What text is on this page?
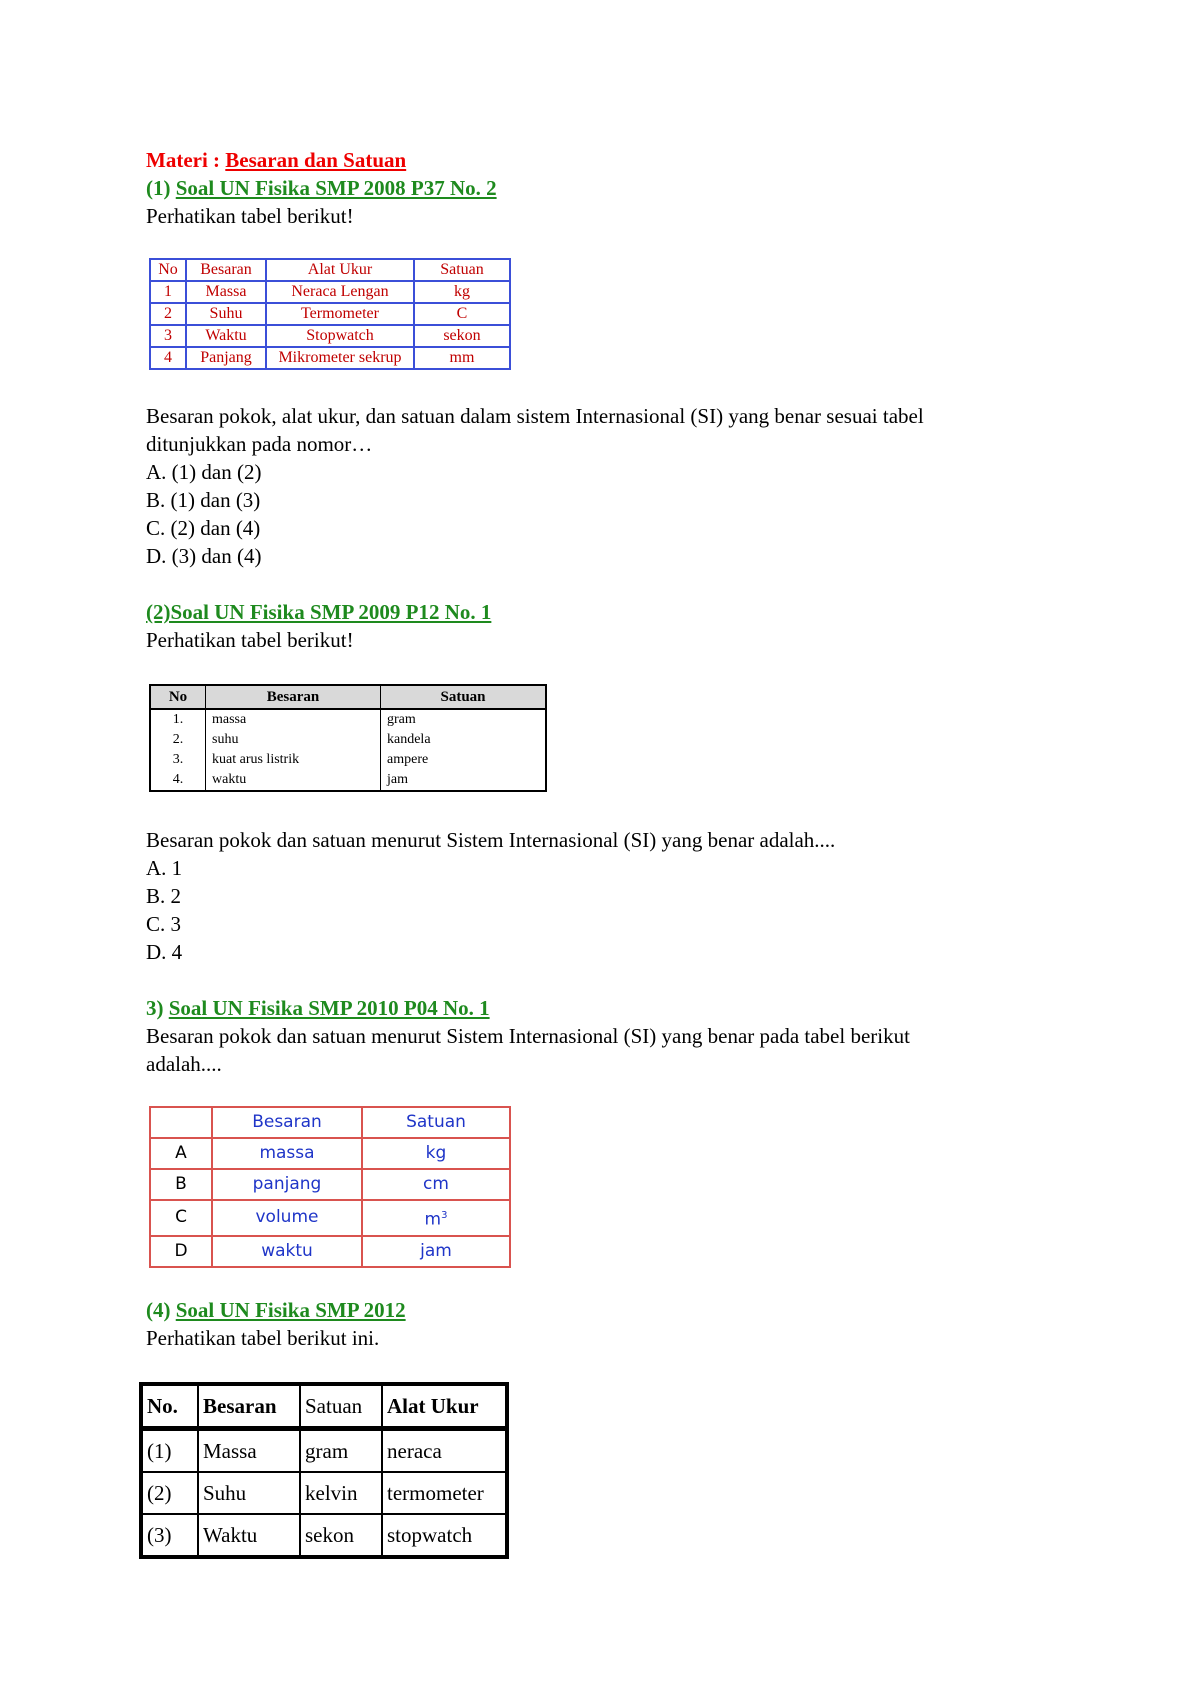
Materi : Besaran dan Satuan
(1) Soal UN Fisika SMP 2008 P37 No. 2
Perhatikan tabel berikut!
No	Besaran	Alat Ukur	Satuan
1	Massa	Neraca Lengan	kg
2	Suhu	Termometer	C
3	Waktu	Stopwatch	sekon
4	Panjang	Mikrometer sekrup	mm
Besaran pokok, alat ukur, dan satuan dalam sistem Internasional (SI) yang benar sesuai tabel
ditunjukkan pada nomor…
A. (1) dan (2)
B. (1) dan (3)
C. (2) dan (4)
D. (3) dan (4)
(2)Soal UN Fisika SMP 2009 P12 No. 1
Perhatikan tabel berikut!
No	Besaran	Satuan
1.	massa	gram
2.	suhu	kandela
3.	kuat arus listrik	ampere
4.	waktu	jam
Besaran pokok dan satuan menurut Sistem Internasional (SI) yang benar adalah....
A. 1
B. 2
C. 3
D. 4
3) Soal UN Fisika SMP 2010 P04 No. 1
Besaran pokok dan satuan menurut Sistem Internasional (SI) yang benar pada tabel berikut
adalah....
	Besaran	Satuan
A	massa	kg
B	panjang	cm
C	volume	$m^3$
D	waktu	jam
(4) Soal UN Fisika SMP 2012
Perhatikan tabel berikut ini.
No.	Besaran	Satuan	Alat Ukur
(1)	Massa	gram	neraca
(2)	Suhu	kelvin	termometer
(3)	Waktu	sekon	stopwatch
